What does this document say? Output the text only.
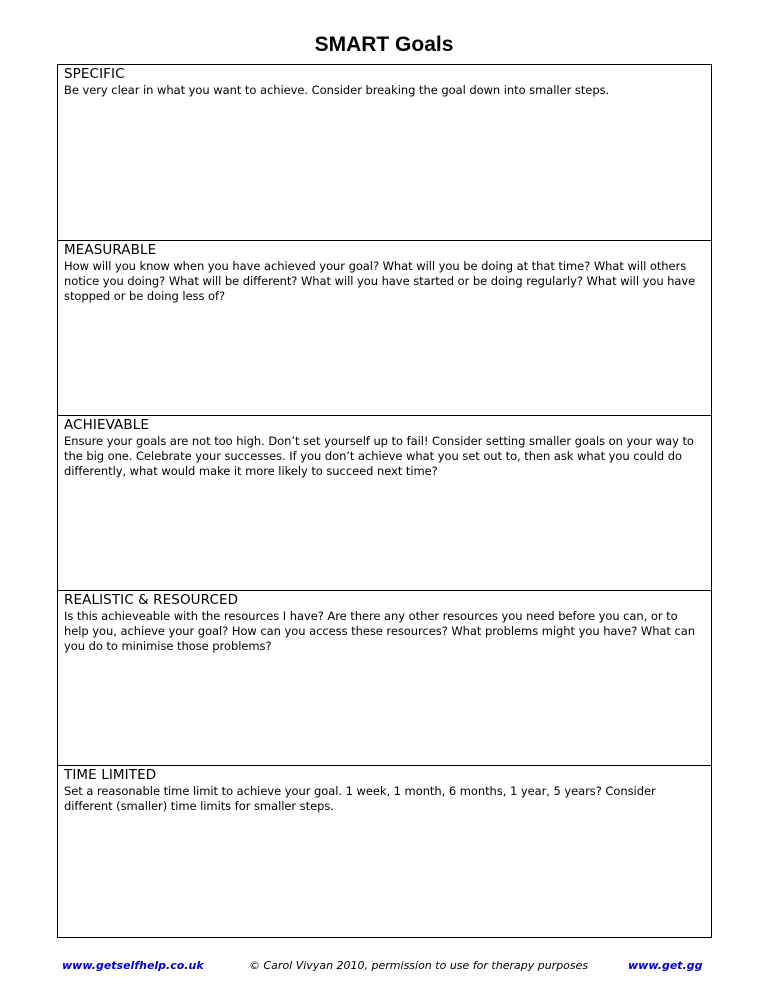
SMART Goals
SPECIFIC
Be very clear in what you want to achieve. Consider breaking the goal down into smaller steps.
MEASURABLE
How will you know when you have achieved your goal? What will you be doing at that time? What will others notice you doing? What will be different? What will you have started or be doing regularly? What will you have stopped or be doing less of?
ACHIEVABLE
Ensure your goals are not too high. Don’t set yourself up to fail! Consider setting smaller goals on your way to the big one. Celebrate your successes. If you don’t achieve what you set out to, then ask what you could do differently, what would make it more likely to succeed next time?
REALISTIC & RESOURCED
Is this achieveable with the resources I have? Are there any other resources you need before you can, or to help you, achieve your goal? How can you access these resources? What problems might you have? What can you do to minimise those problems?
TIME LIMITED
Set a reasonable time limit to achieve your goal. 1 week, 1 month, 6 months, 1 year, 5 years? Consider different (smaller) time limits for smaller steps.
www.getselfhelp.co.uk	© Carol Vivyan 2010, permission to use for therapy purposes	www.get.gg
